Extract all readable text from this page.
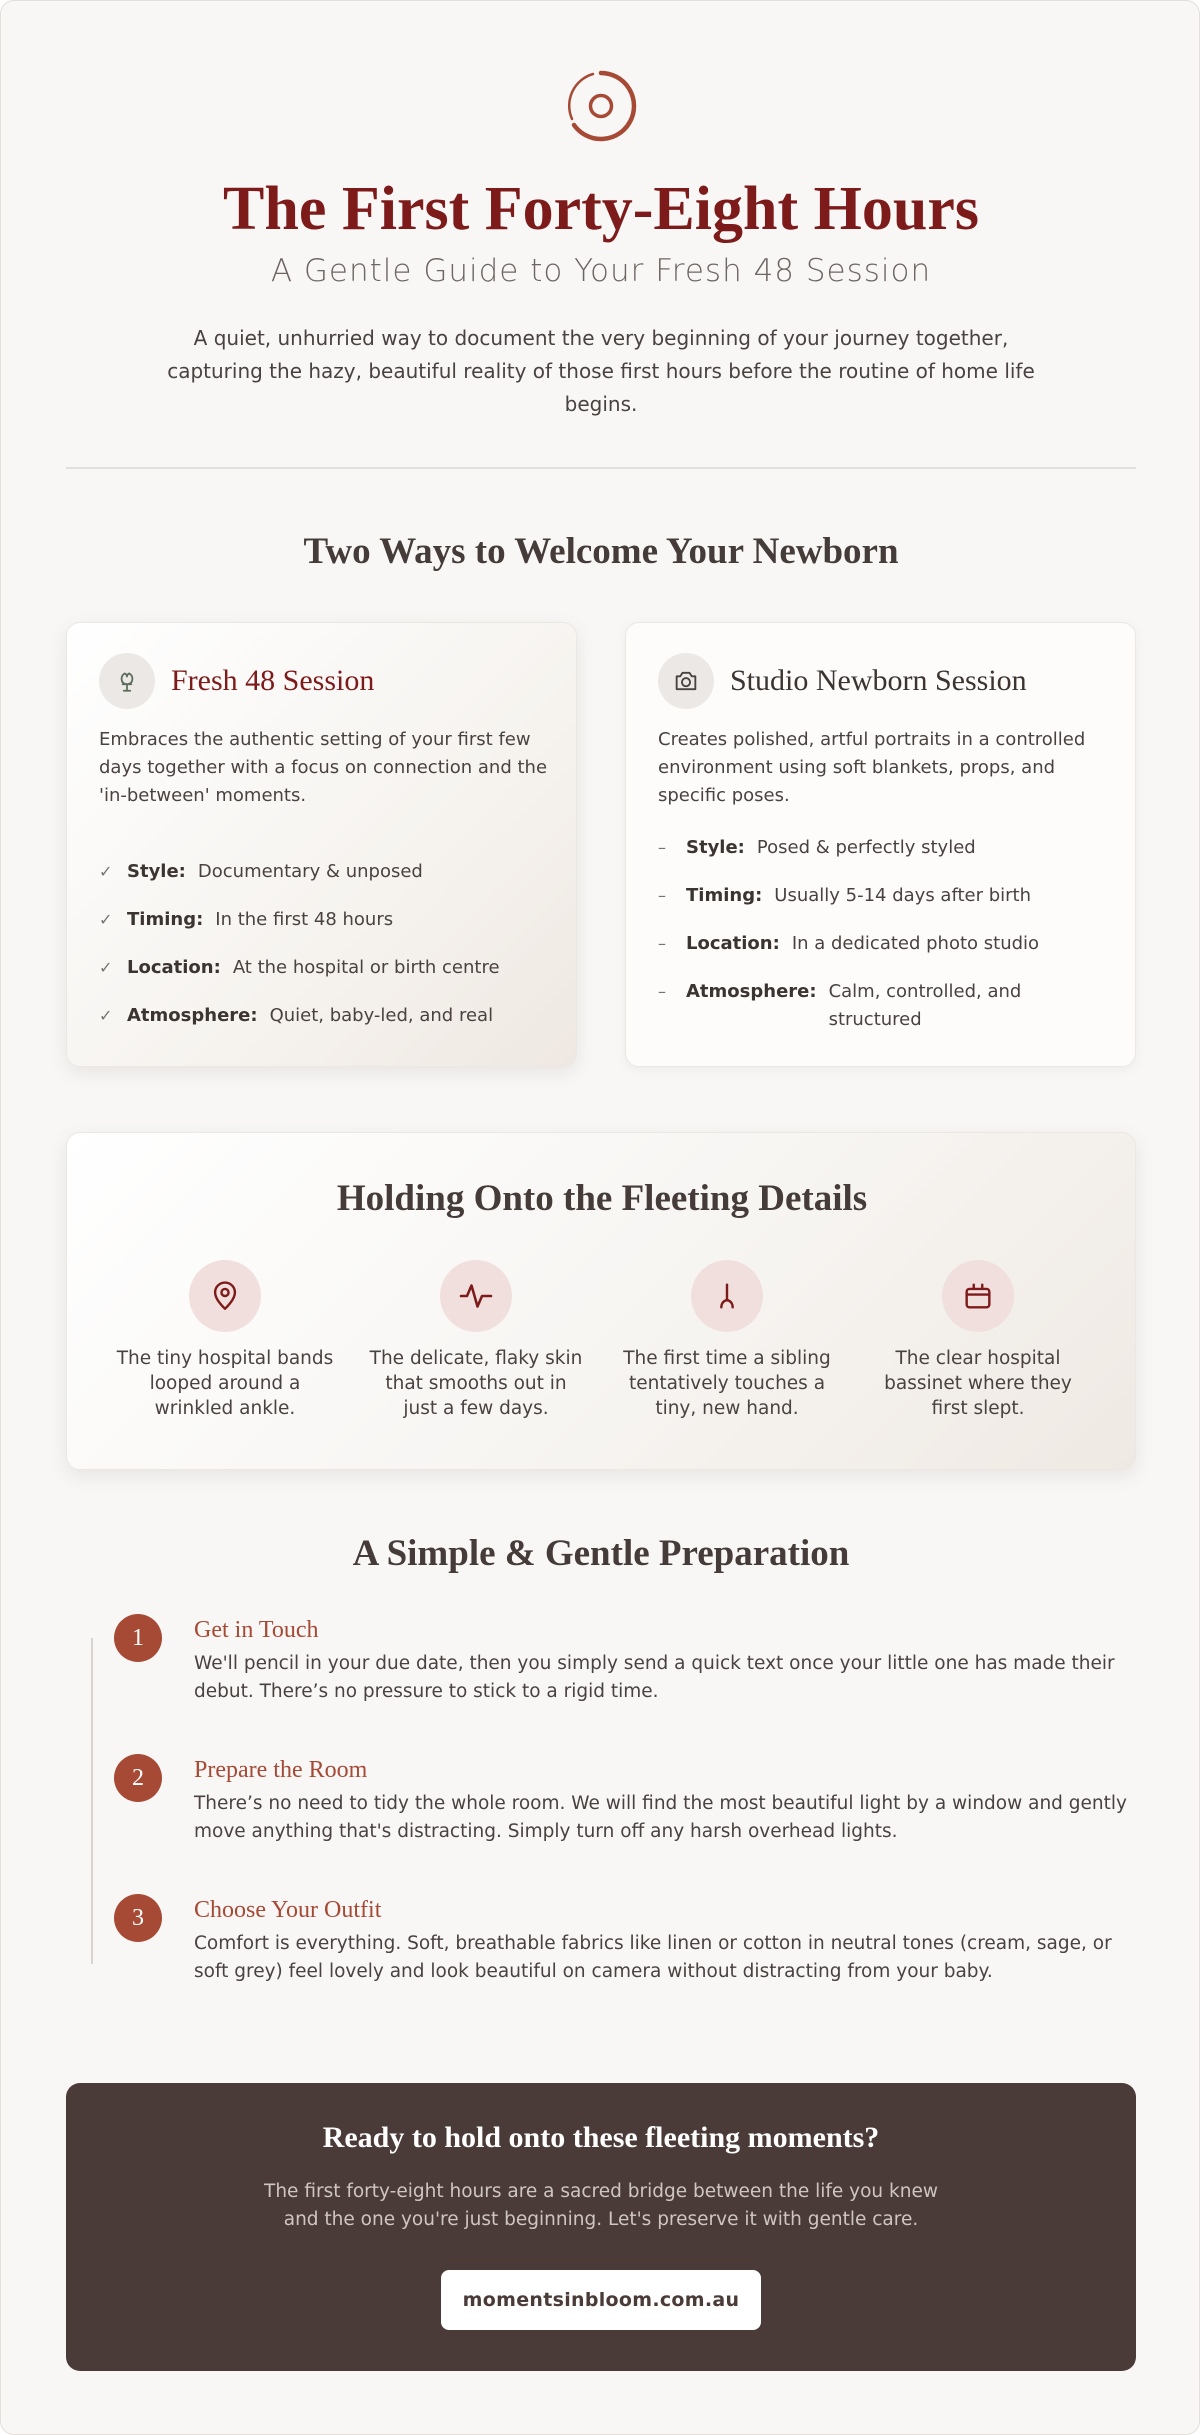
The First Forty-Eight Hours
A Gentle Guide to Your Fresh 48 Session

A quiet, unhurried way to document the very beginning of your journey together, capturing the hazy, beautiful reality of those first hours before the routine of home life begins.

Two Ways to Welcome Your Newborn
Fresh 48 Session

Embraces the authentic setting of your first few days together with a focus on connection and the 'in-between' moments.

✓ Style: Documentary & unposed
✓ Timing: In the first 48 hours
✓ Location: At the hospital or birth centre
✓ Atmosphere: Quiet, baby-led, and real
Studio Newborn Session

Creates polished, artful portraits in a controlled environment using soft blankets, props, and specific poses.

–	Style: Posed & perfectly styled
–	Timing: Usually 5-14 days after birth
–	Location: In a dedicated photo studio
–	Atmosphere: Calm, controlled, and structured
Holding Onto the Fleeting Details

The tiny hospital bands looped around a wrinkled ankle.

The delicate, flaky skin that smooths out in just a few days.

The first time a sibling tentatively touches a tiny, new hand.

The clear hospital bassinet where they first slept.

A Simple & Gentle Preparation
1	Get in Touch

We'll pencil in your due date, then you simply send a quick text once your little one has made their debut. There’s no pressure to stick to a rigid time.

2	Prepare the Room

There’s no need to tidy the whole room. We will find the most beautiful light by a window and gently move anything that's distracting. Simply turn off any harsh overhead lights.

3	Choose Your Outfit

Comfort is everything. Soft, breathable fabrics like linen or cotton in neutral tones (cream, sage, or soft grey) feel lovely and look beautiful on camera without distracting from your baby.

Ready to hold onto these fleeting moments?

The first forty-eight hours are a sacred bridge between the life you knew and the one you're just beginning. Let's preserve it with gentle care.

momentsinbloom.com.au
